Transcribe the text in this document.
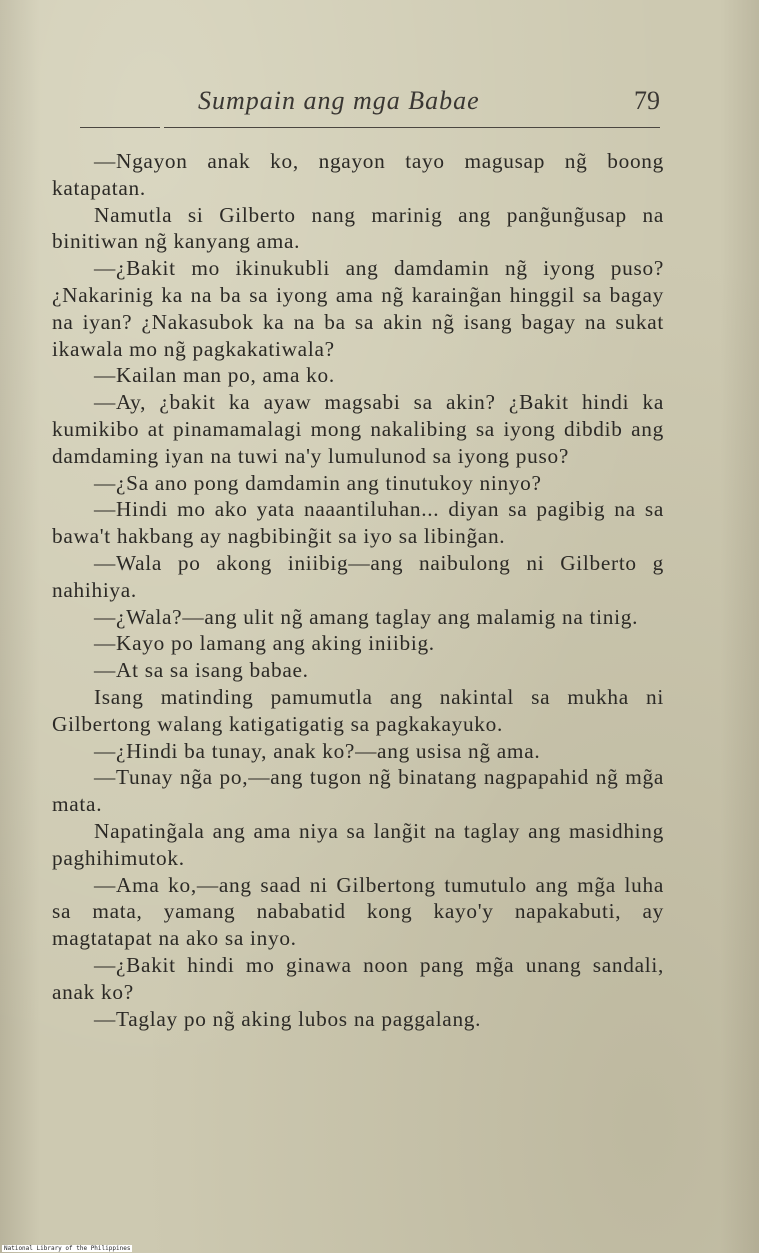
Sumpain ang mga Babae	79

—Ngayon anak ko, ngayon tayo magusap ng̃ boong katapatan.

Namutla si Gilberto nang marinig ang pang̃ung̃usap na binitiwan ng̃ kanyang ama.

—¿Bakit mo ikinukubli ang damdamin ng̃ iyong puso? ¿Nakarinig ka na ba sa iyong ama ng̃ karaing̃an hinggil sa bagay na iyan? ¿Nakasubok ka na ba sa akin ng̃ isang bagay na sukat ikawala mo ng̃ pagkakatiwala?

—Kailan man po, ama ko.

—Ay, ¿bakit ka ayaw magsabi sa akin? ¿Bakit hindi ka kumikibo at pinamamalagi mong nakalibing sa iyong dibdib ang damdaming iyan na tuwi na'y lumulunod sa iyong puso?

—¿Sa ano pong damdamin ang tinutukoy ninyo?

—Hindi mo ako yata naaantiluhan... diyan sa pagibig na sa bawa't hakbang ay nagbibing̃it sa iyo sa libing̃an.

—Wala po akong iniibig—ang naibulong ni Gilberto g nahihiya.

—¿Wala?—ang ulit ng̃ amang taglay ang malamig na tinig.

—Kayo po lamang ang aking iniibig.

—At sa sa isang babae.

Isang matinding pamumutla ang nakintal sa mukha ni Gilbertong walang katigatigatig sa pagkakayuko.

—¿Hindi ba tunay, anak ko?—ang usisa ng̃ ama.

—Tunay ng̃a po,—ang tugon ng̃ binatang nagpapahid ng̃ mg̃a mata.

Napating̃ala ang ama niya sa lang̃it na taglay ang masidhing paghihimutok.

—Ama ko,—ang saad ni Gilbertong tumutulo ang mg̃a luha sa mata, yamang nababatid kong kayo'y napakabuti, ay magtatapat na ako sa inyo.

—¿Bakit hindi mo ginawa noon pang mg̃a unang sandali, anak ko?

—Taglay po ng̃ aking lubos na paggalang.

National Library of the Philippines
